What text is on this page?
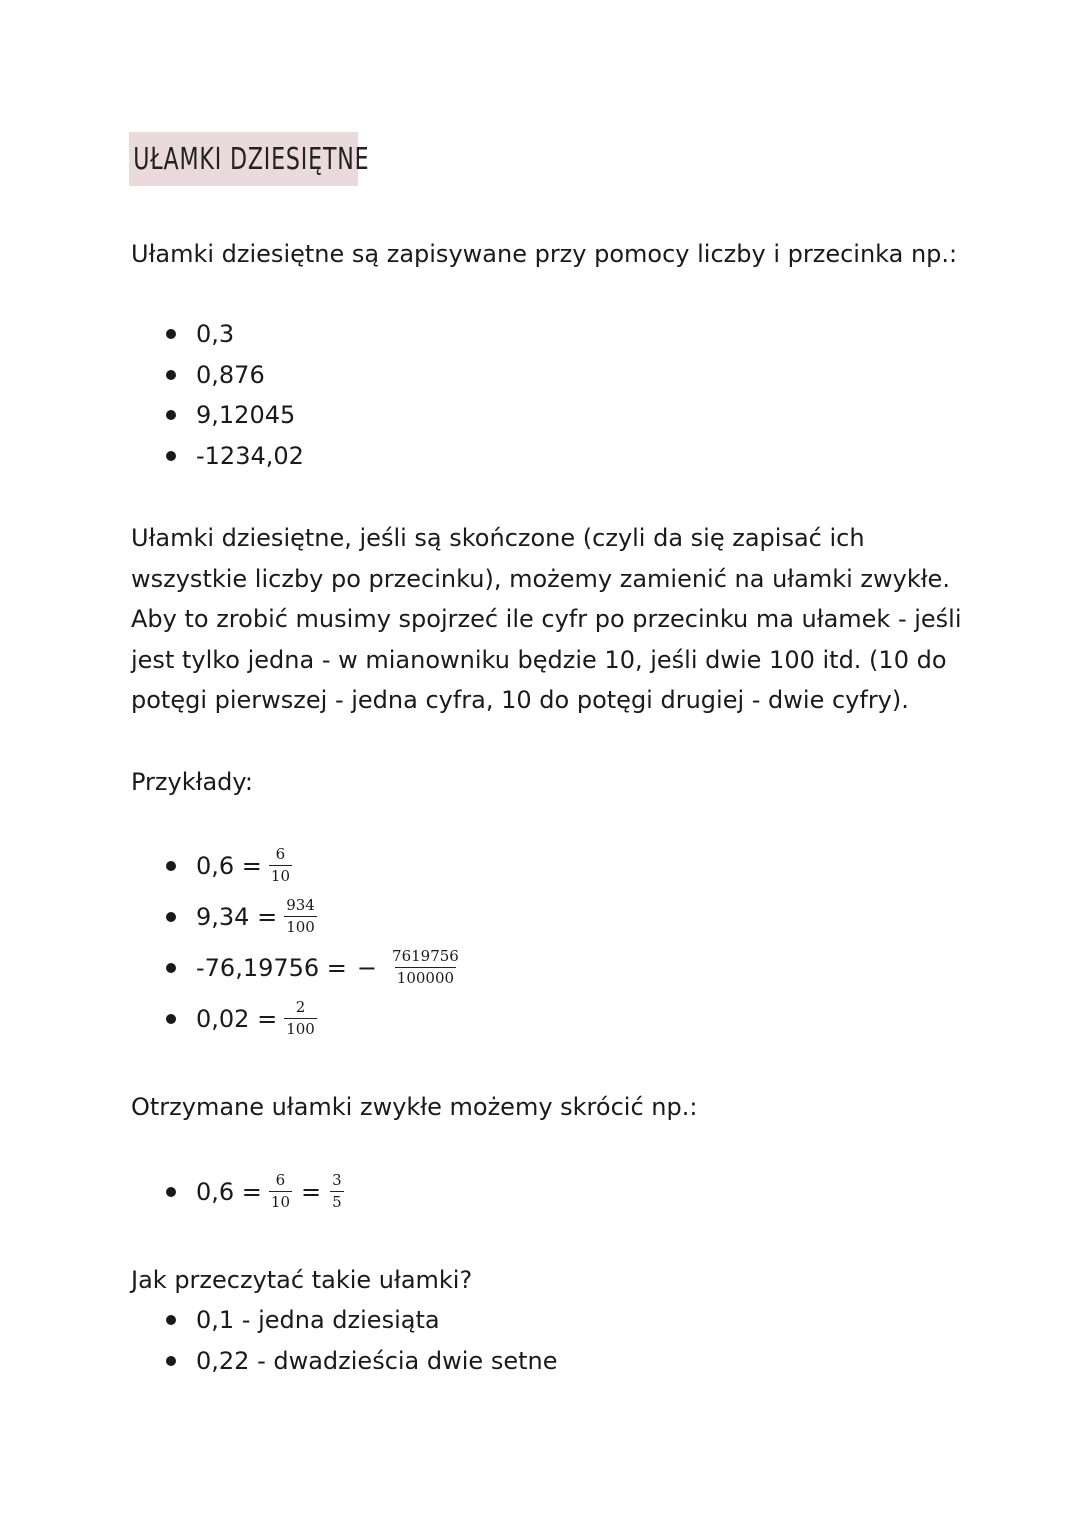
UŁAMKI DZIESIĘTNE

Ułamki dziesiętne są zapisywane przy pomocy liczby i przecinka np.:

0,3
0,876
9,12045
-1234,02
Ułamki dziesiętne, jeśli są skończone (czyli da się zapisać ich
wszystkie liczby po przecinku), możemy zamienić na ułamki zwykłe.
Aby to zrobić musimy spojrzeć ile cyfr po przecinku ma ułamek - jeśli
jest tylko jedna - w mianowniku będzie 10, jeśli dwie 100 itd. (10 do
potęgi pierwszej - jedna cyfra, 10 do potęgi drugiej - dwie cyfry).

Przykłady:

$0,6 = \frac{6}{10}$
$9,34 = \frac{934}{100}$
-76,19756 = − $\frac{7619756}{100000}$
$0,02 = \frac{2}{100}$

Otrzymane ułamki zwykłe możemy skrócić np.:

$0,6 = \frac{6}{10} = \frac{3}{5}$

Jak przeczytać takie ułamki?

0,1 - jedna dziesiąta
0,22 - dwadzieścia dwie setne
